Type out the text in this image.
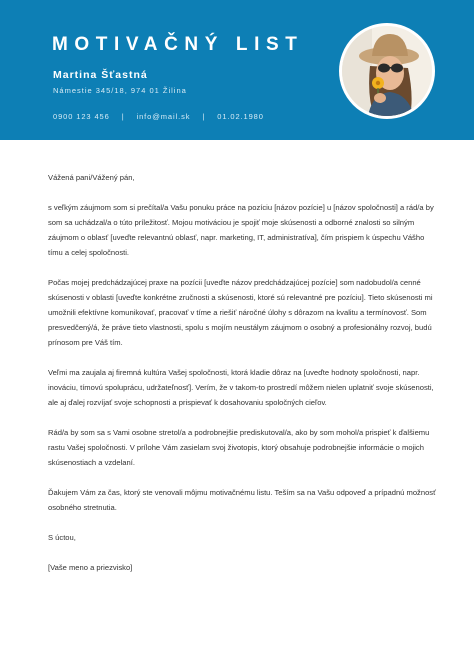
MOTIVAČNÝ LIST
Martina Šťastná
Námestie 345/18, 974 01 Žilina
0900 123 456 | info@mail.sk | 01.02.1980

Vážená pani/Vážený pán,

s veľkým záujmom som si prečítal/a Vašu ponuku práce na pozíciu [názov pozície] u [názov spoločnosti] a rád/a by som sa uchádzal/a o túto príležitosť. Mojou motiváciou je spojiť moje skúsenosti a odborné znalosti so silným záujmom o oblasť [uveďte relevantnú oblasť, napr. marketing, IT, administratíva], čím prispiem k úspechu Vášho tímu a celej spoločnosti.

Počas mojej predchádzajúcej praxe na pozícii [uveďte názov predchádzajúcej pozície] som nadobudol/a cenné skúsenosti v oblasti [uveďte konkrétne zručnosti a skúsenosti, ktoré sú relevantné pre pozíciu]. Tieto skúsenosti mi umožnili efektívne komunikovať, pracovať v tíme a riešiť náročné úlohy s dôrazom na kvalitu a termínovosť. Som presvedčený/á, že práve tieto vlastnosti, spolu s mojím neustálym záujmom o osobný a profesionálny rozvoj, budú prínosom pre Váš tím.

Veľmi ma zaujala aj firemná kultúra Vašej spoločnosti, ktorá kladie dôraz na [uveďte hodnoty spoločnosti, napr. inováciu, tímovú spoluprácu, udržateľnosť]. Verím, že v takom-to prostredí môžem nielen uplatniť svoje skúsenosti, ale aj ďalej rozvíjať svoje schopnosti a prispievať k dosahovaniu spoločných cieľov.

Rád/a by som sa s Vami osobne stretol/a a podrobnejšie prediskutoval/a, ako by som mohol/a prispieť k ďalšiemu rastu Vašej spoločnosti. V prílohe Vám zasielam svoj životopis, ktorý obsahuje podrobnejšie informácie o mojich skúsenostiach a vzdelaní.

Ďakujem Vám za čas, ktorý ste venovali môjmu motivačnému listu. Teším sa na Vašu odpoveď a prípadnú možnosť osobného stretnutia.

S úctou,

[Vaše meno a priezvisko]
